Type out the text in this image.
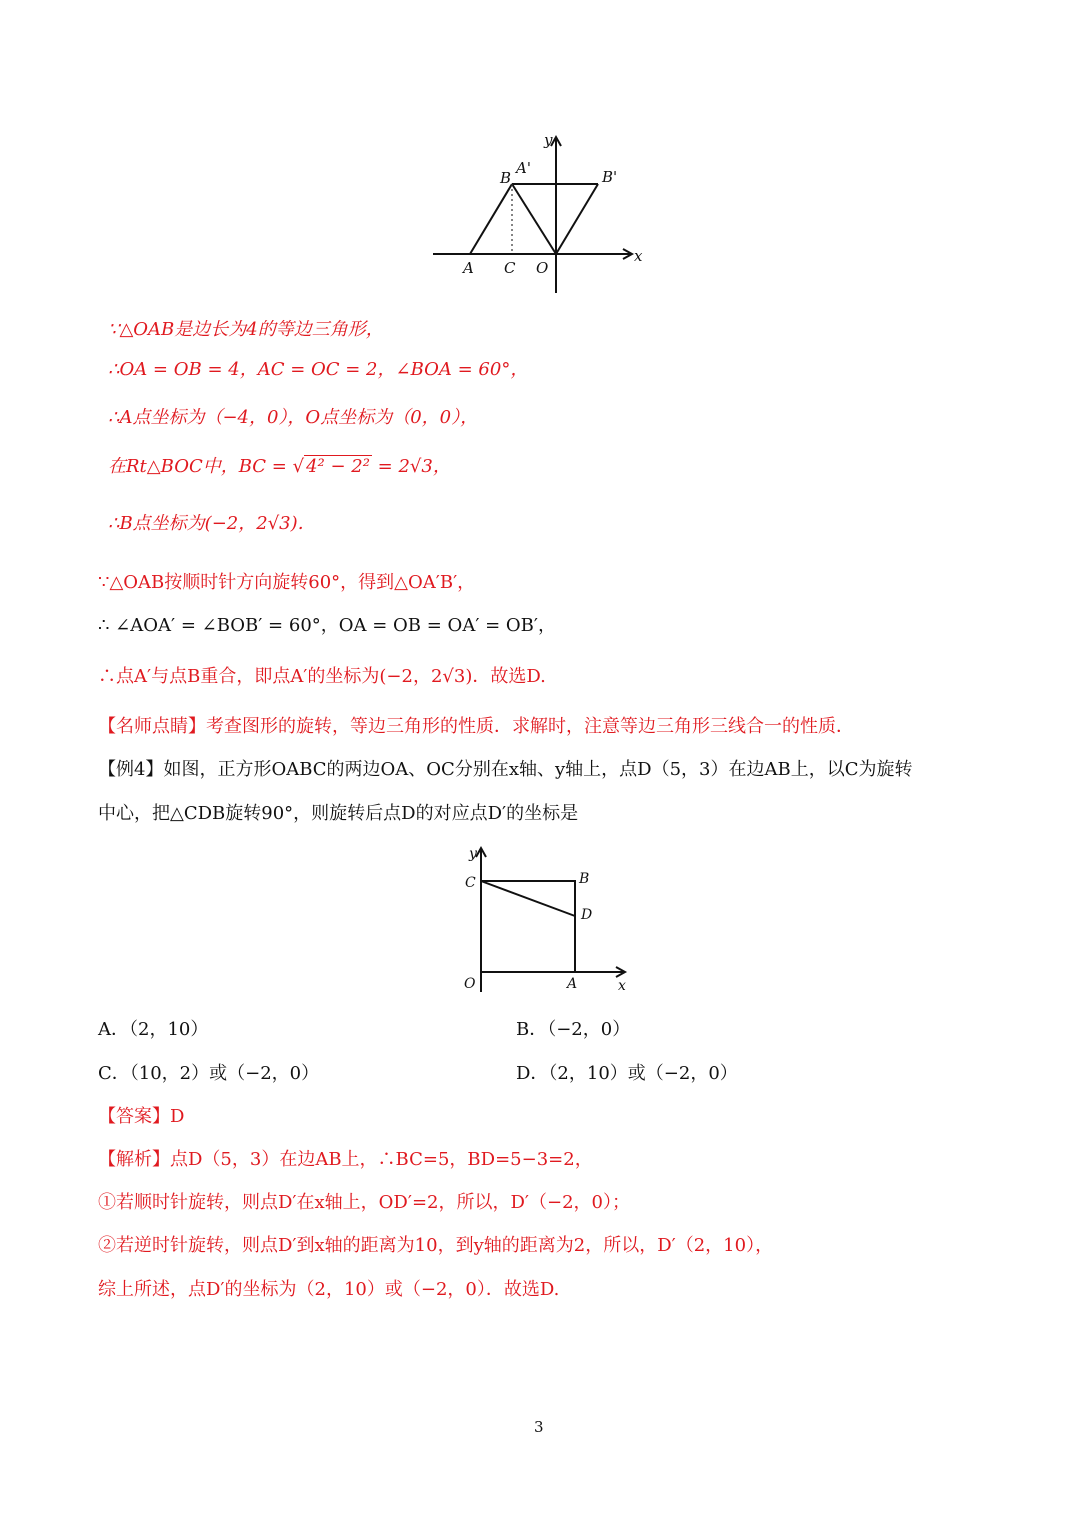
y
x
A'
B	B'
A C O
∵△OAB是边长为4的等边三角形，
∴OA = OB = 4，AC = OC = 2，∠BOA = 60°，
∴A点坐标为（−4，0），O点坐标为（0，0），
在Rt△BOC中，BC = √ 4² − 2² = 2√3，
∴B点坐标为(−2，2√3)．
∵△OAB按顺时针方向旋转60°，得到△OA′B′，
∴ ∠AOA′ = ∠BOB′ = 60°，OA = OB = OA′ = OB′，
∴点A′与点B重合，即点A′的坐标为(−2，2√3)．故选D.
【名师点睛】考查图形的旋转，等边三角形的性质．求解时，注意等边三角形三线合一的性质．
【例4】如图，正方形OABC的两边OA、OC分别在x轴、y轴上，点D（5，3）在边AB上，以C为旋转
中心，把△CDB旋转90°，则旋转后点D的对应点D′的坐标是
y
C	B
D
O	A	x
A．（2，10）	B．（−2，0）
C．（10，2）或（−2，0）	D．（2，10）或（−2，0）
【答案】D
【解析】点D（5，3）在边AB上，∴BC=5，BD=5−3=2，
①若顺时针旋转，则点D′在x轴上，OD′=2，所以，D′（−2，0）；
②若逆时针旋转，则点D′到x轴的距离为10，到y轴的距离为2，所以，D′（2，10），
综上所述，点D′的坐标为（2，10）或（−2，0）．故选D.
3
